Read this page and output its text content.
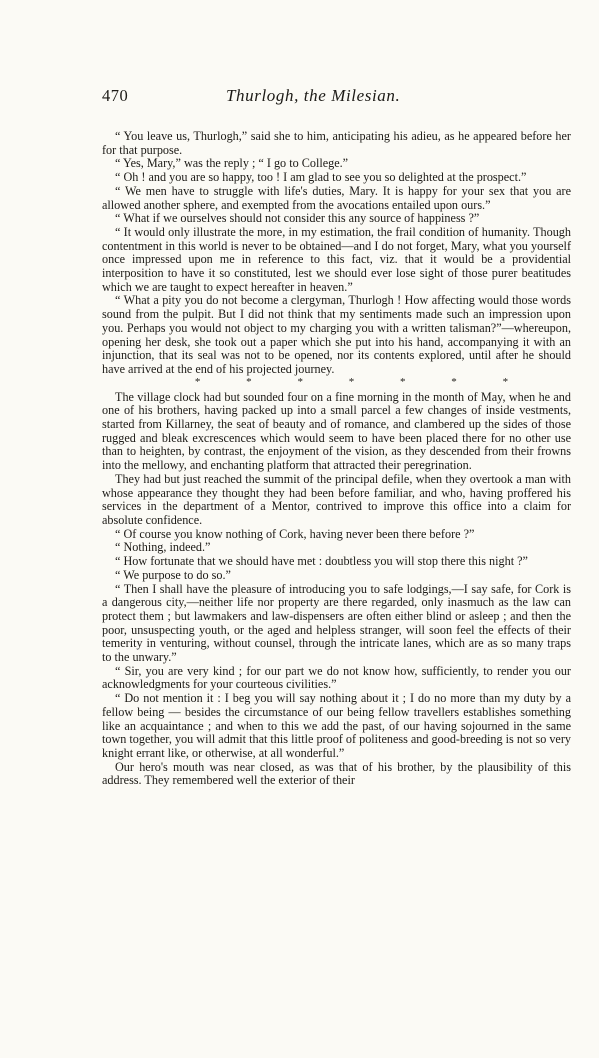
470	Thurlogh, the Milesian.

“ You leave us, Thurlogh,” said she to him, anticipating his adieu, as he appeared before her for that purpose.

“ Yes, Mary,” was the reply ; “ I go to College.”

“ Oh ! and you are so happy, too ! I am glad to see you so delighted at the prospect.”

“ We men have to struggle with life's duties, Mary. It is happy for your sex that you are allowed another sphere, and exempted from the avocations entailed upon ours.”

“ What if we ourselves should not consider this any source of happiness ?”

“ It would only illustrate the more, in my estimation, the frail condition of humanity. Though contentment in this world is never to be obtained—and I do not forget, Mary, what you yourself once impressed upon me in reference to this fact, viz. that it would be a providential interposition to have it so constituted, lest we should ever lose sight of those purer beatitudes which we are taught to expect hereafter in heaven.”

“ What a pity you do not become a clergyman, Thurlogh ! How affecting would those words sound from the pulpit. But I did not think that my sentiments made such an impression upon you. Perhaps you would not object to my charging you with a written talisman?”—whereupon, opening her desk, she took out a paper which she put into his hand, accompanying it with an injunction, that its seal was not to be opened, nor its contents explored, until after he should have arrived at the end of his projected journey.

*	*	*	*	*	*	*

The village clock had but sounded four on a fine morning in the month of May, when he and one of his brothers, having packed up into a small parcel a few changes of inside vestments, started from Killarney, the seat of beauty and of romance, and clambered up the sides of those rugged and bleak excrescences which would seem to have been placed there for no other use than to heighten, by contrast, the enjoyment of the vision, as they descended from their frowns into the mellowy, and enchanting platform that attracted their peregrination.

They had but just reached the summit of the principal defile, when they overtook a man with whose appearance they thought they had been before familiar, and who, having proffered his services in the department of a Mentor, contrived to improve this office into a claim for absolute confidence.

“ Of course you know nothing of Cork, having never been there before ?”

“ Nothing, indeed.”

“ How fortunate that we should have met : doubtless you will stop there this night ?”

“ We purpose to do so.”

“ Then I shall have the pleasure of introducing you to safe lodgings,—I say safe, for Cork is a dangerous city,—neither life nor property are there regarded, only inasmuch as the law can protect them ; but lawmakers and law-dispensers are often either blind or asleep ; and then the poor, unsuspecting youth, or the aged and helpless stranger, will soon feel the effects of their temerity in venturing, without counsel, through the intricate lanes, which are as so many traps to the unwary.”

“ Sir, you are very kind ; for our part we do not know how, sufficiently, to render you our acknowledgments for your courteous civilities.”

“ Do not mention it : I beg you will say nothing about it ; I do no more than my duty by a fellow being — besides the circumstance of our being fellow travellers establishes something like an acquaintance ; and when to this we add the past, of our having sojourned in the same town together, you will admit that this little proof of politeness and good-breeding is not so very knight errant like, or otherwise, at all wonderful.”

Our hero's mouth was near closed, as was that of his brother, by the plausibility of this address. They remembered well the exterior of their
